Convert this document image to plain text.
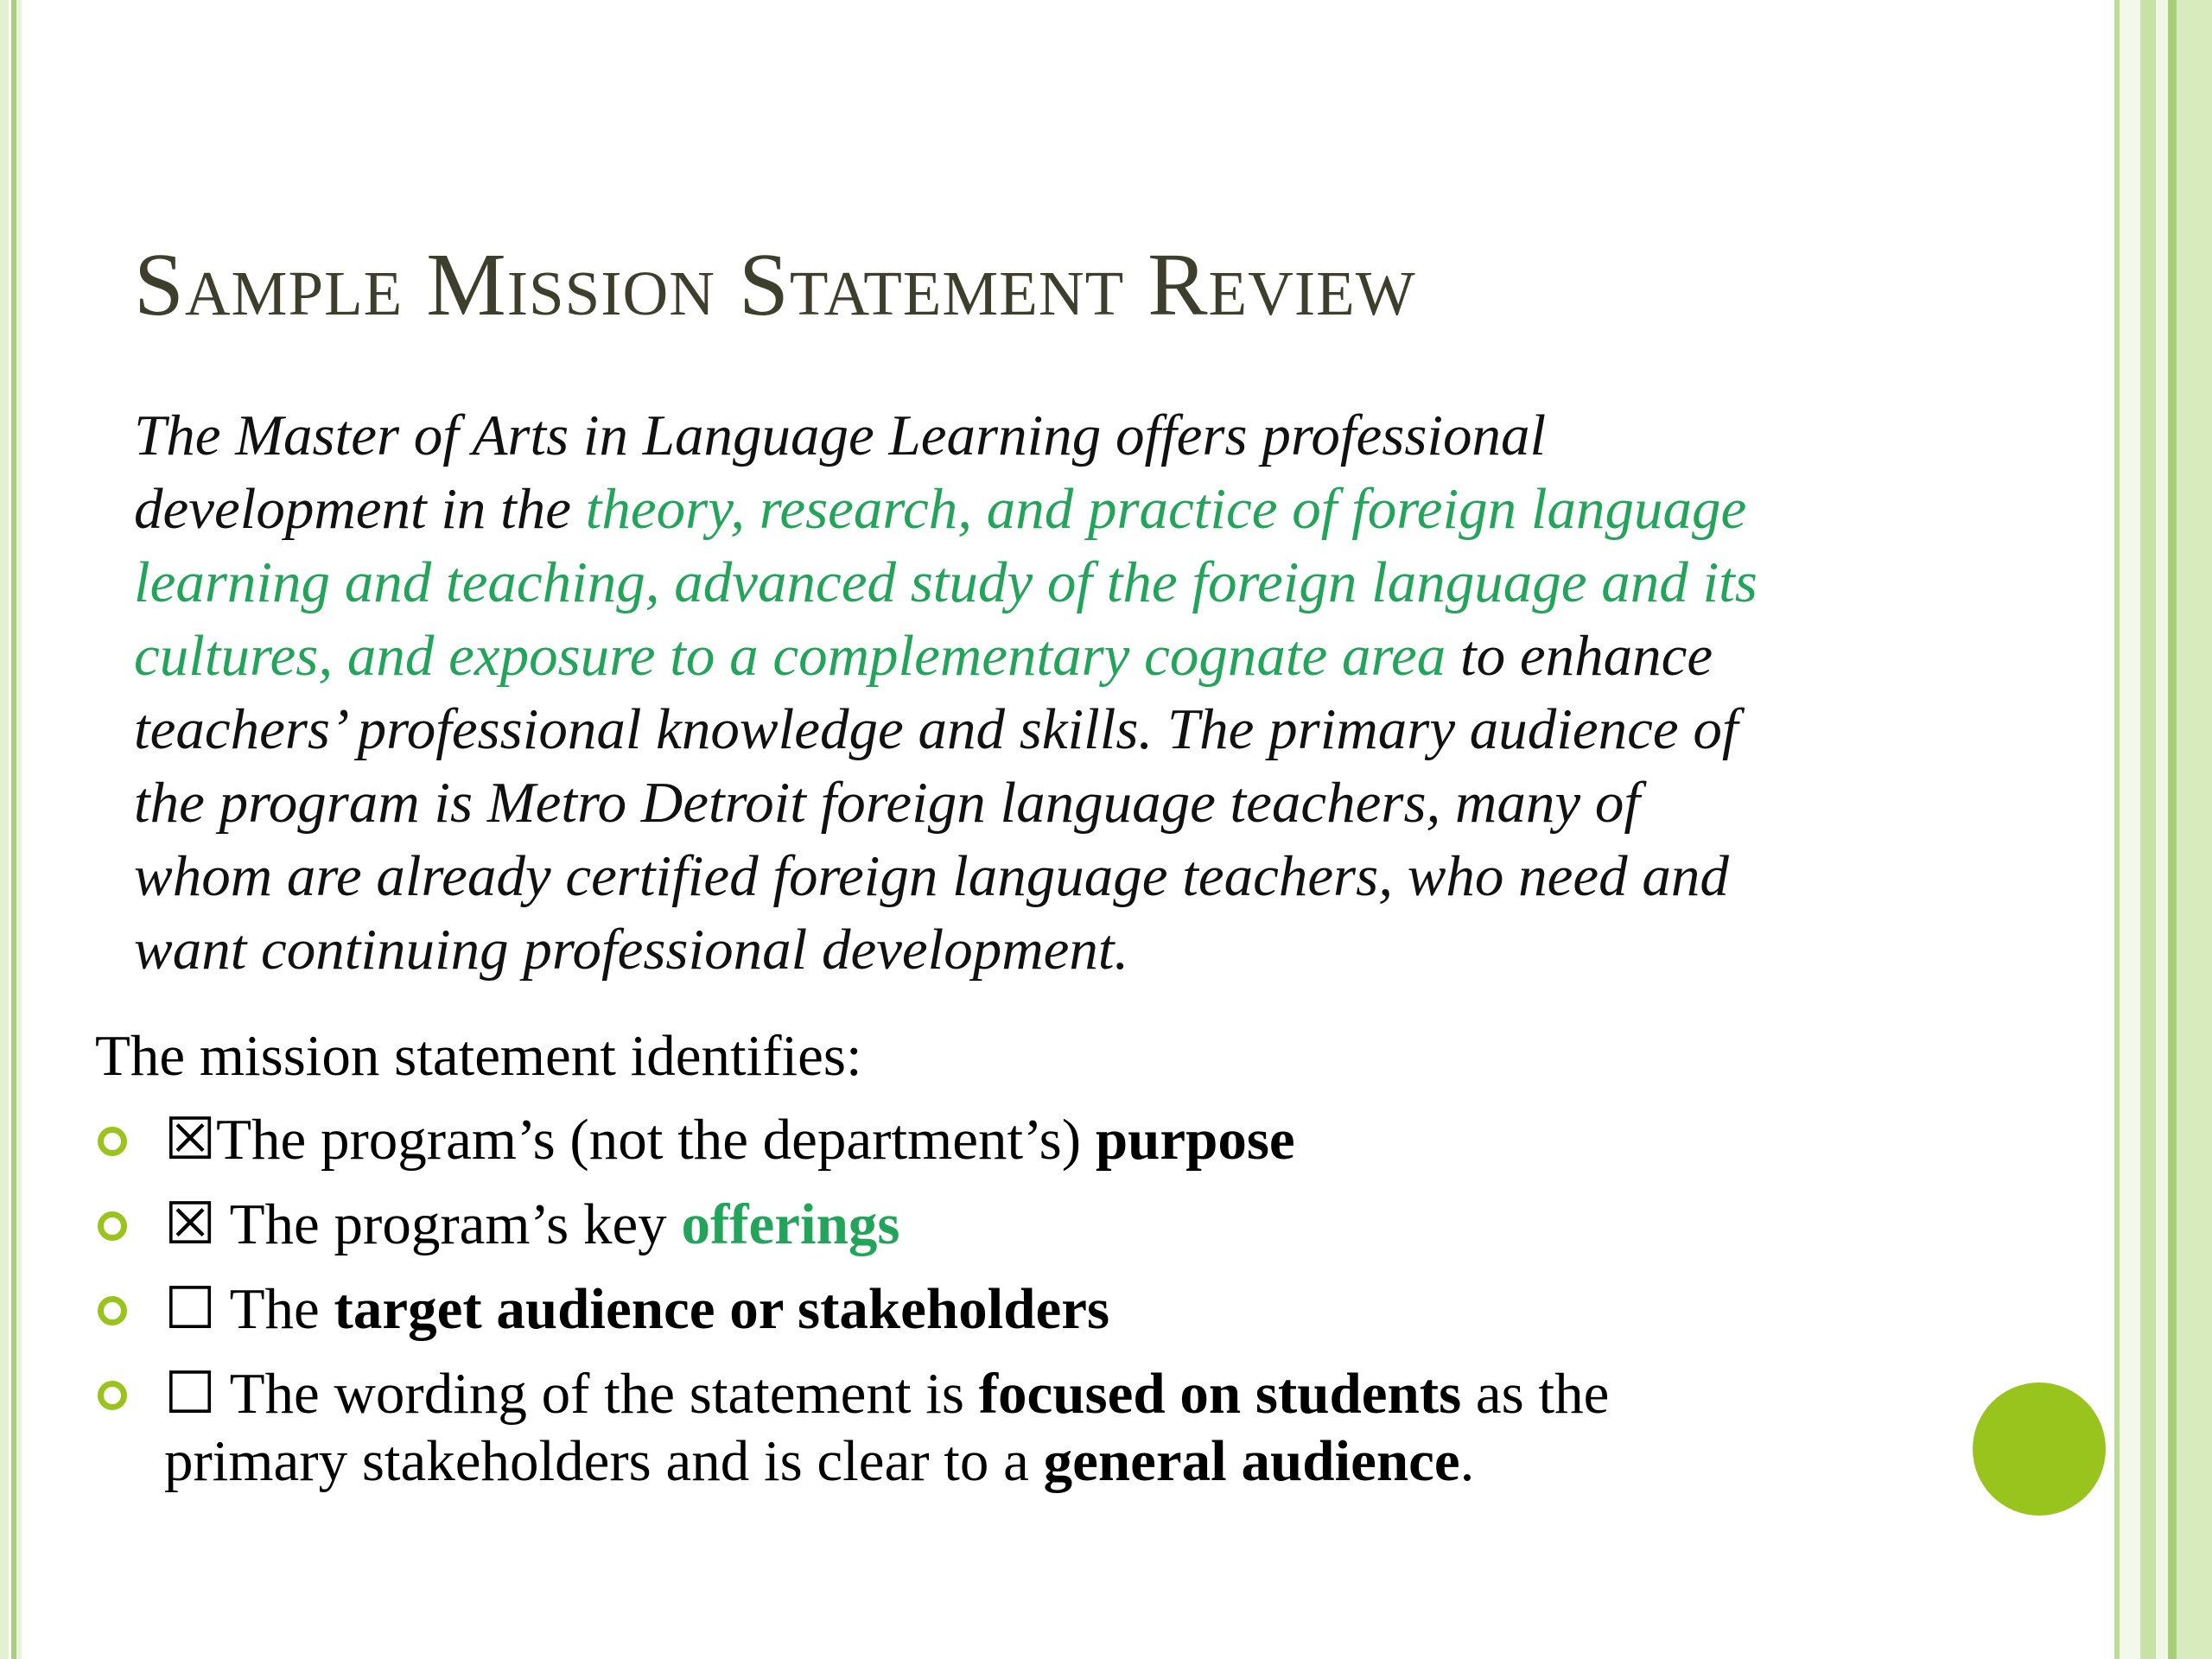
Sample Mission Statement Review
The Master of Arts in Language Learning offers professional
development in the theory, research, and practice of foreign language
learning and teaching, advanced study of the foreign language and its
cultures, and exposure to a complementary cognate area to enhance
teachers’ professional knowledge and skills. The primary audience of
the program is Metro Detroit foreign language teachers, many of
whom are already certified foreign language teachers, who need and
want continuing professional development.
The mission statement identifies:
☒The program’s (not the department’s) purpose
☒ The program’s key offerings
☐ The target audience or stakeholders
☐ The wording of the statement is focused on students as the
primary stakeholders and is clear to a general audience.
